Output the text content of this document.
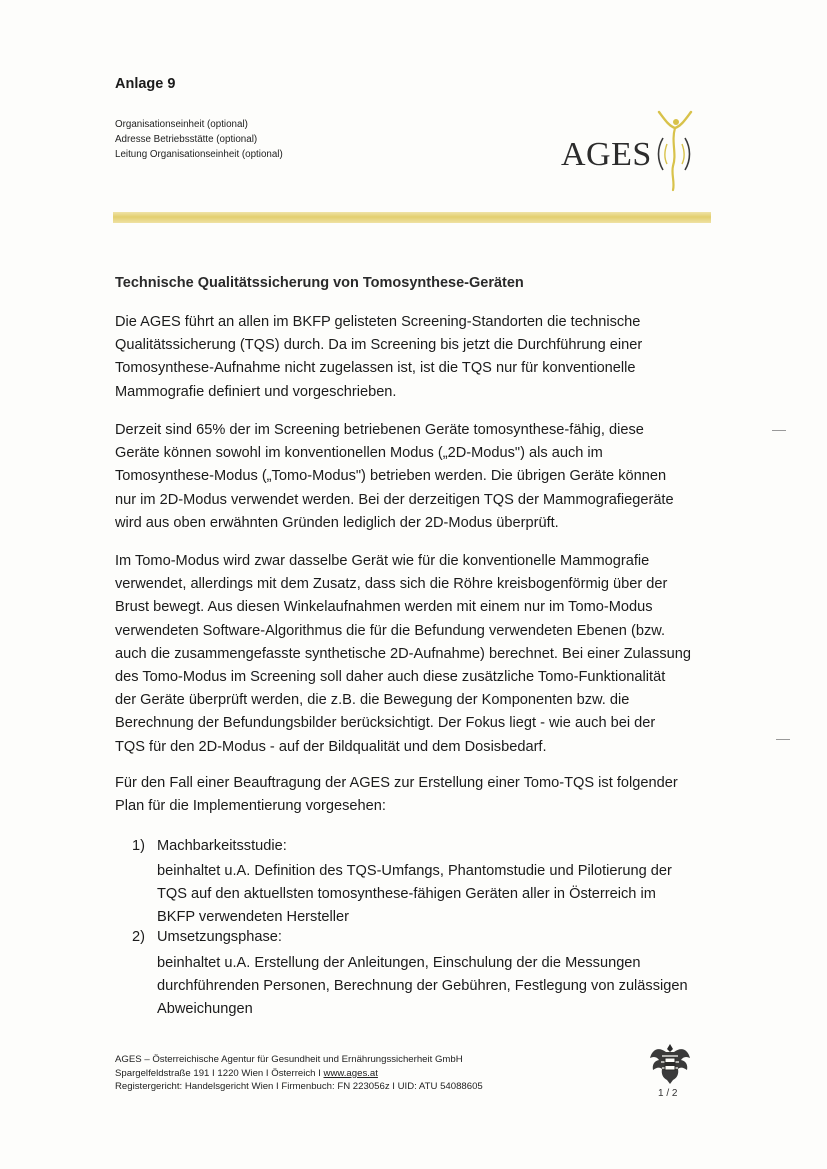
Anlage 9
Organisationseinheit (optional)
Adresse Betriebsstätte (optional)
Leitung Organisationseinheit (optional)	AGES
Technische Qualitätssicherung von Tomosynthese-Geräten
Die AGES führt an allen im BKFP gelisteten Screening-Standorten die technische
Qualitätssicherung (TQS) durch. Da im Screening bis jetzt die Durchführung einer
Tomosynthese-Aufnahme nicht zugelassen ist, ist die TQS nur für konventionelle
Mammografie definiert und vorgeschrieben.
Derzeit sind 65% der im Screening betriebenen Geräte tomosynthese-fähig, diese
Geräte können sowohl im konventionellen Modus („2D-Modus") als auch im
Tomosynthese-Modus („Tomo-Modus") betrieben werden. Die übrigen Geräte können
nur im 2D-Modus verwendet werden. Bei der derzeitigen TQS der Mammografiegeräte
wird aus oben erwähnten Gründen lediglich der 2D-Modus überprüft.
Im Tomo-Modus wird zwar dasselbe Gerät wie für die konventionelle Mammografie
verwendet, allerdings mit dem Zusatz, dass sich die Röhre kreisbogenförmig über der
Brust bewegt. Aus diesen Winkelaufnahmen werden mit einem nur im Tomo-Modus
verwendeten Software-Algorithmus die für die Befundung verwendeten Ebenen (bzw.
auch die zusammengefasste synthetische 2D-Aufnahme) berechnet. Bei einer Zulassung
des Tomo-Modus im Screening soll daher auch diese zusätzliche Tomo-Funktionalität
der Geräte überprüft werden, die z.B. die Bewegung der Komponenten bzw. die
Berechnung der Befundungsbilder berücksichtigt. Der Fokus liegt - wie auch bei der
TQS für den 2D-Modus - auf der Bildqualität und dem Dosisbedarf.
Für den Fall einer Beauftragung der AGES zur Erstellung einer Tomo-TQS ist folgender
Plan für die Implementierung vorgesehen:
1) Machbarkeitsstudie:
beinhaltet u.A. Definition des TQS-Umfangs, Phantomstudie und Pilotierung der
TQS auf den aktuellsten tomosynthese-fähigen Geräten aller in Österreich im
BKFP verwendeten Hersteller
2) Umsetzungsphase:
beinhaltet u.A. Erstellung der Anleitungen, Einschulung der die Messungen
durchführenden Personen, Berechnung der Gebühren, Festlegung von zulässigen
Abweichungen
AGES – Österreichische Agentur für Gesundheit und Ernährungssicherheit GmbH
Spargelfeldstraße 191 I 1220 Wien I Österreich I www.ages.at
Registergericht: Handelsgericht Wien I Firmenbuch: FN 223056z I UID: ATU 54088605
1 / 2
